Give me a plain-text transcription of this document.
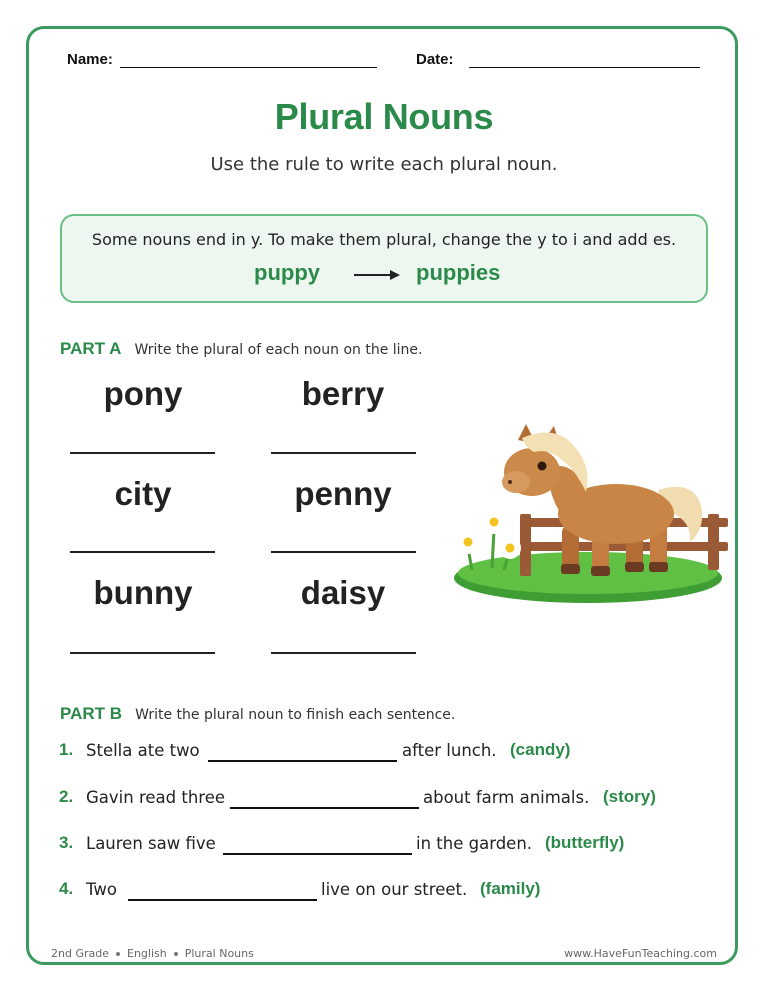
Name:	Date:
Plural Nouns
Use the rule to write each plural noun.
Some nouns end in y. To make them plural, change the y to i and add es.
puppy	puppies
PART A Write the plural of each noun on the line.
pony	berry
city	penny
bunny	daisy
PART B Write the plural noun to finish each sentence.
1. Stella ate two	after lunch. (candy)
2. Gavin read three	about farm animals. (story)
3. Lauren saw five	in the garden. (butterfly)
4. Two	live on our street. (family)
2nd Grade English Plural Nouns	www.HaveFunTeaching.com
